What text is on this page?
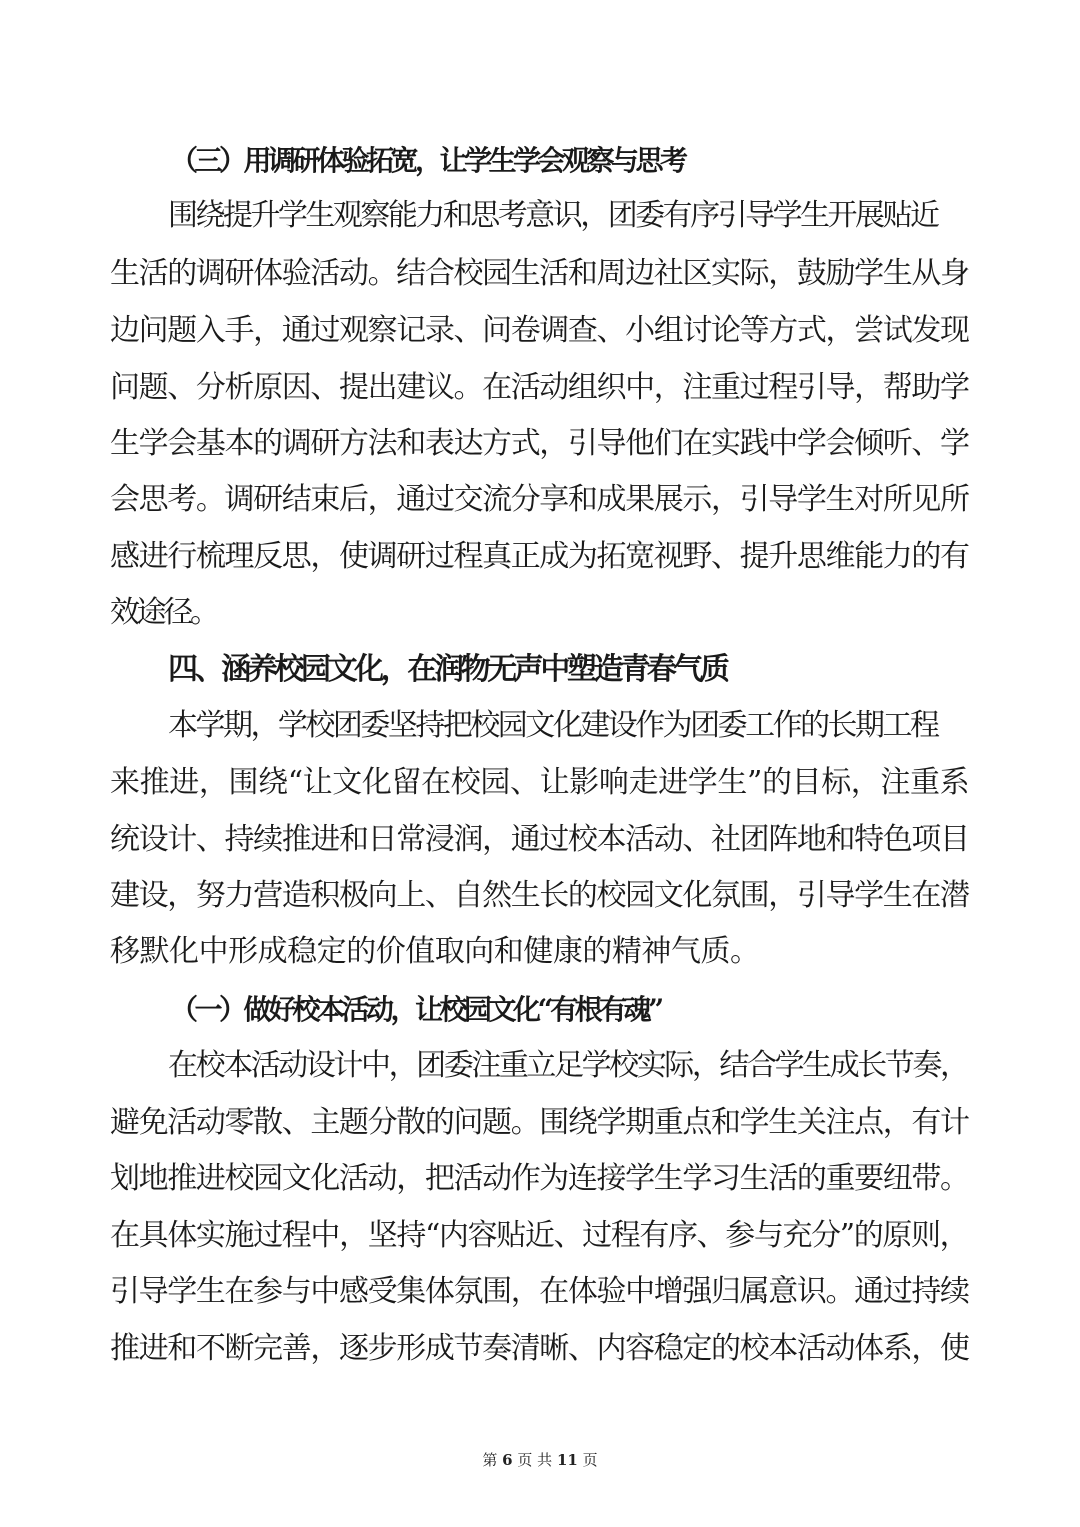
（三）用调研体验拓宽，让学生学会观察与思考
围绕提升学生观察能力和思考意识，团委有序引导学生开展贴近
生活的调研体验活动。结合校园生活和周边社区实际，鼓励学生从身
边问题入手，通过观察记录、问卷调查、小组讨论等方式，尝试发现
问题、分析原因、提出建议。在活动组织中，注重过程引导，帮助学
生学会基本的调研方法和表达方式，引导他们在实践中学会倾听、学
会思考。调研结束后，通过交流分享和成果展示，引导学生对所见所
感进行梳理反思，使调研过程真正成为拓宽视野、提升思维能力的有
效途径。
四、涵养校园文化，在润物无声中塑造青春气质
本学期，学校团委坚持把校园文化建设作为团委工作的长期工程
来推进，围绕“让文化留在校园、让影响走进学生”的目标，注重系
统设计、持续推进和日常浸润，通过校本活动、社团阵地和特色项目
建设，努力营造积极向上、自然生长的校园文化氛围，引导学生在潜
移默化中形成稳定的价值取向和健康的精神气质。
（一）做好校本活动，让校园文化“有根有魂”
在校本活动设计中，团委注重立足学校实际，结合学生成长节奏，
避免活动零散、主题分散的问题。围绕学期重点和学生关注点，有计
划地推进校园文化活动，把活动作为连接学生学习生活的重要纽带。
在具体实施过程中，坚持“内容贴近、过程有序、参与充分”的原则，
引导学生在参与中感受集体氛围，在体验中增强归属意识。通过持续
推进和不断完善，逐步形成节奏清晰、内容稳定的校本活动体系，使
第 6 页 共 11 页
